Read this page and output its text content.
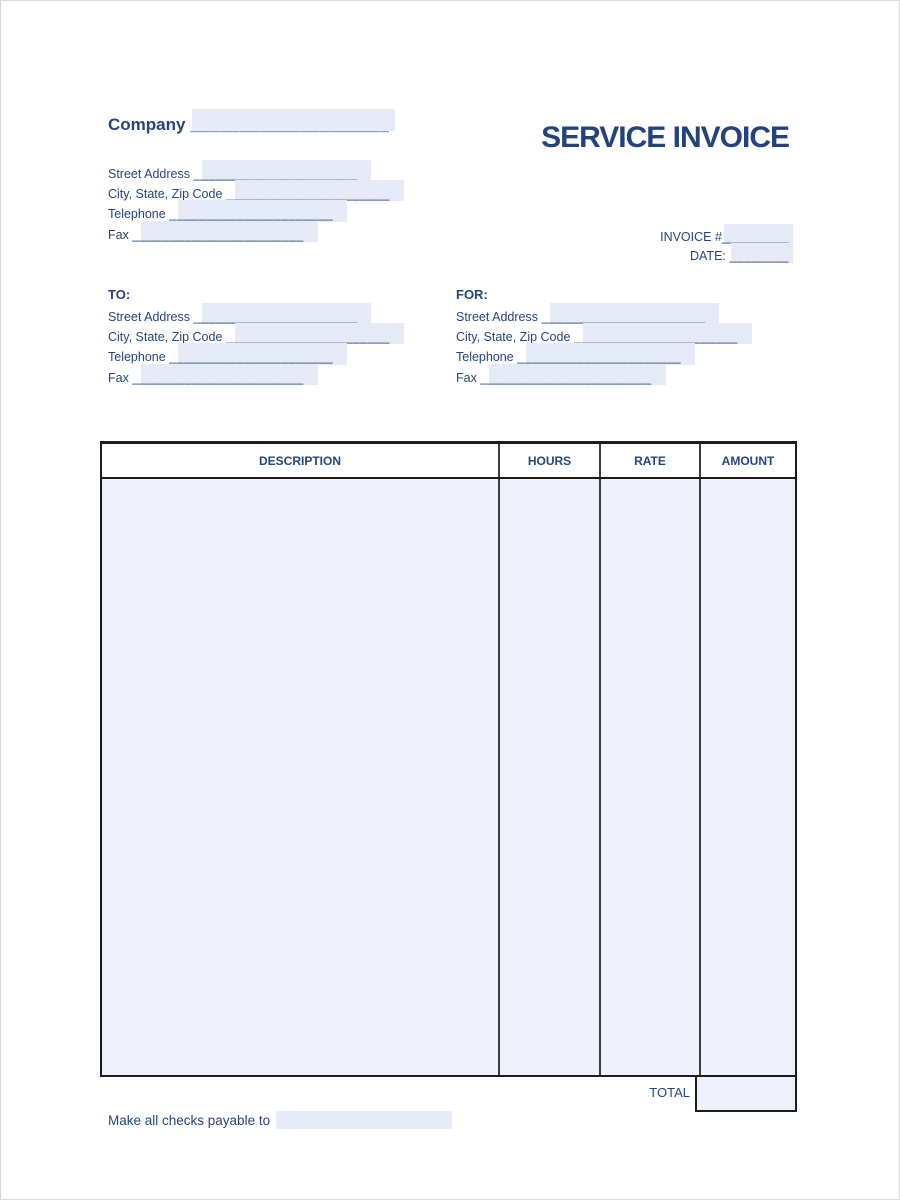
Company ____________________	SERVICE INVOICE
Street Address ______________________
City, State, Zip Code ______________________
Telephone ______________________
Fax _______________________	INVOICE #_________
DATE: ________
TO:
Street Address ______________________
City, State, Zip Code ______________________
Telephone ______________________
Fax _______________________
FOR:
Street Address ______________________
City, State, Zip Code ______________________
Telephone ______________________
Fax _______________________
DESCRIPTION	HOURS	RATE	AMOUNT
TOTAL
Make all checks payable to
